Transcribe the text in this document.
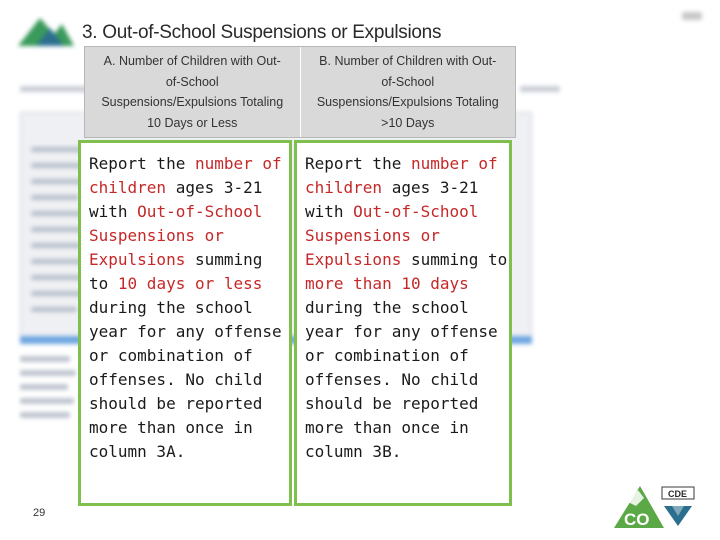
3. Out-of-School Suspensions or Expulsions
A. Number of Children with Out-of-School Suspensions/Expulsions Totaling 10 Days or Less
B. Number of Children with Out-of-School Suspensions/Expulsions Totaling >10 Days
Report the number of children ages 3-21 with Out-of-School Suspensions or Expulsions summing to 10 days or less during the school year for any offense or combination of offenses. No child should be reported more than once in column 3A.
Report the number of children ages 3-21 with Out-of-School Suspensions or Expulsions summing to more than 10 days during the school year for any offense or combination of offenses. No child should be reported more than once in column 3B.
29	CO
CDE
